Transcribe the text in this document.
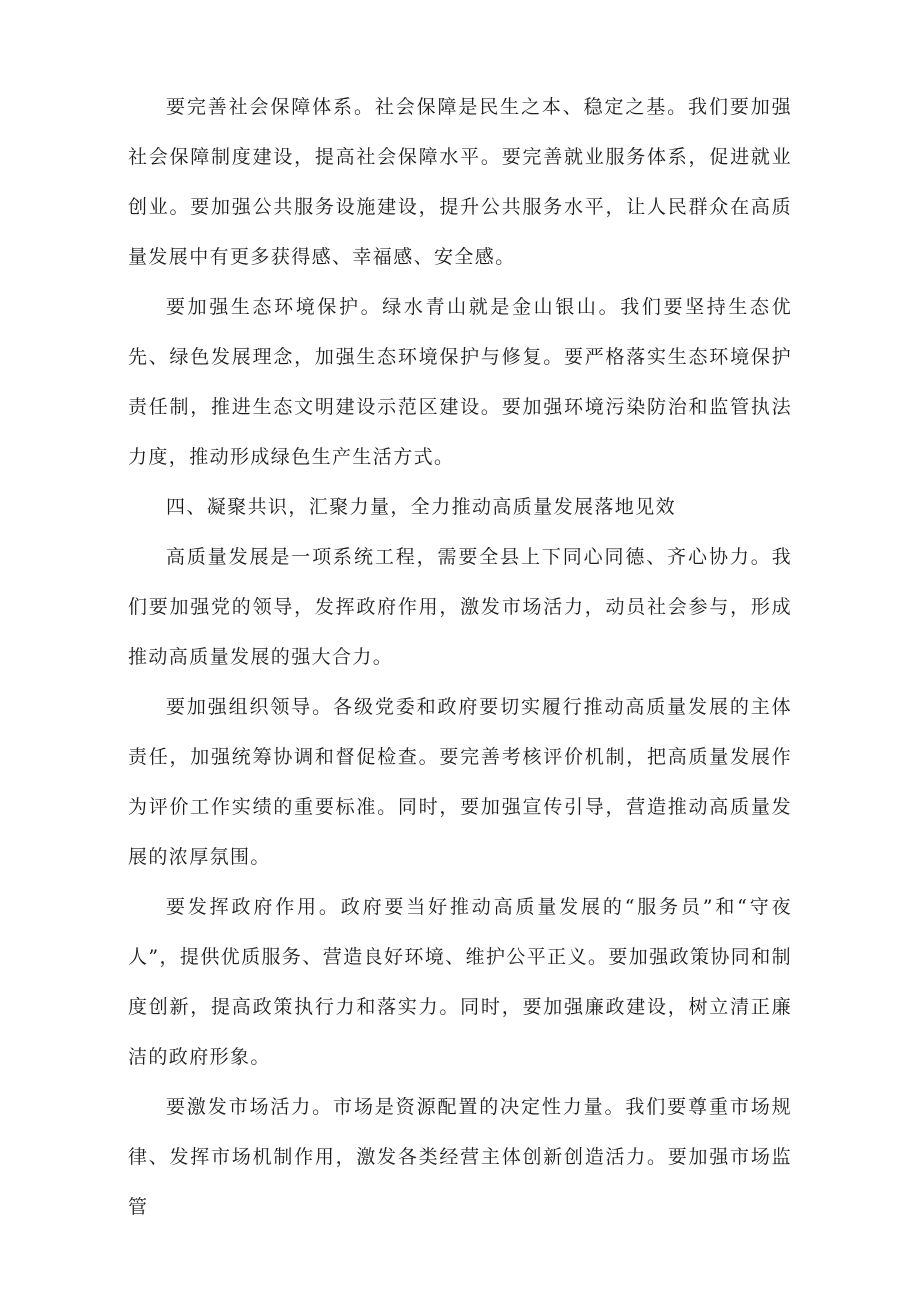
要完善社会保障体系。社会保障是民生之本、稳定之基。我们要加强社会保障制度建设，提高社会保障水平。要完善就业服务体系，促进就业创业。要加强公共服务设施建设，提升公共服务水平，让人民群众在高质量发展中有更多获得感、幸福感、安全感。

要加强生态环境保护。绿水青山就是金山银山。我们要坚持生态优先、绿色发展理念，加强生态环境保护与修复。要严格落实生态环境保护责任制，推进生态文明建设示范区建设。要加强环境污染防治和监管执法力度，推动形成绿色生产生活方式。

四、凝聚共识，汇聚力量，全力推动高质量发展落地见效

高质量发展是一项系统工程，需要全县上下同心同德、齐心协力。我们要加强党的领导，发挥政府作用，激发市场活力，动员社会参与，形成推动高质量发展的强大合力。

要加强组织领导。各级党委和政府要切实履行推动高质量发展的主体责任，加强统筹协调和督促检查。要完善考核评价机制，把高质量发展作为评价工作实绩的重要标准。同时，要加强宣传引导，营造推动高质量发展的浓厚氛围。

要发挥政府作用。政府要当好推动高质量发展的“服务员”和“守夜人”，提供优质服务、营造良好环境、维护公平正义。要加强政策协同和制度创新，提高政策执行力和落实力。同时，要加强廉政建设，树立清正廉洁的政府形象。

要激发市场活力。市场是资源配置的决定性力量。我们要尊重市场规律、发挥市场机制作用，激发各类经营主体创新创造活力。要加强市场监管
